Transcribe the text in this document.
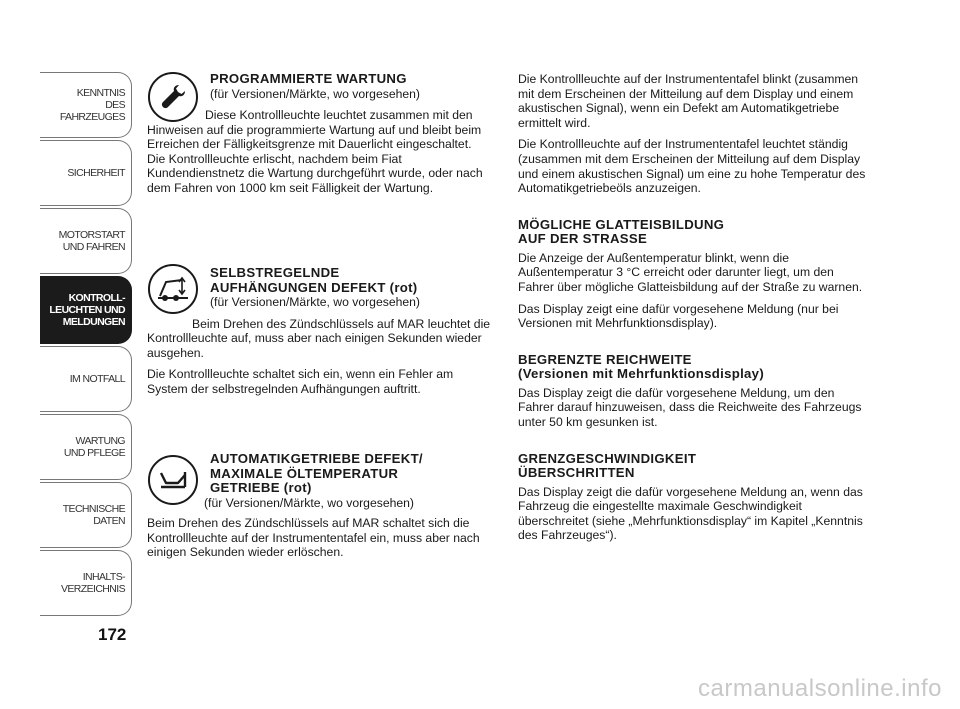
KENNTNIS
DES FAHRZEUGES
SICHERHEIT
MOTORSTART
UND FAHREN
KONTROLL-
LEUCHTEN UND
MELDUNGEN
IM NOTFALL
WARTUNG
UND PFLEGE
TECHNISCHE
DATEN
INHALTS-
VERZEICHNIS
172

PROGRAMMIERTE WARTUNG

(für Versionen/Märkte, wo vorgesehen)

Diese Kontrollleuchte leuchtet zusammen mit den Hinweisen auf die programmierte Wartung auf und bleibt beim Erreichen der Fälligkeitsgrenze mit Dauerlicht eingeschaltet. Die Kontrollleuchte erlischt, nachdem beim Fiat Kundendienstnetz die Wartung durchgeführt wurde, oder nach dem Fahren von 1000 km seit Fälligkeit der Wartung.

SELBSTREGELNDE

AUFHÄNGUNGEN DEFEKT (rot)

(für Versionen/Märkte, wo vorgesehen)

Beim Drehen des Zündschlüssels auf MAR leuchtet die Kontrollleuchte auf, muss aber nach einigen Sekunden wieder ausgehen.

Die Kontrollleuchte schaltet sich ein, wenn ein Fehler am System der selbstregelnden Aufhängungen auftritt.

AUTOMATIKGETRIEBE DEFEKT/

MAXIMALE ÖLTEMPERATUR

GETRIEBE (rot)

(für Versionen/Märkte, wo vorgesehen)

Beim Drehen des Zündschlüssels auf MAR schaltet sich die Kontrollleuchte auf der Instrumententafel ein, muss aber nach einigen Sekunden wieder erlöschen.

Die Kontrollleuchte auf der Instrumententafel blinkt (zusammen mit dem Erscheinen der Mitteilung auf dem Display und einem akustischen Signal), wenn ein Defekt am Automatikgetriebe ermittelt wird.

Die Kontrollleuchte auf der Instrumententafel leuchtet ständig (zusammen mit dem Erscheinen der Mitteilung auf dem Display und einem akustischen Signal) um eine zu hohe Temperatur des Automatikgetriebeöls anzuzeigen.

MÖGLICHE GLATTEISBILDUNG

AUF DER STRASSE

Die Anzeige der Außentemperatur blinkt, wenn die Außentemperatur 3 °C erreicht oder darunter liegt, um den Fahrer über mögliche Glatteisbildung auf der Straße zu warnen.

Das Display zeigt eine dafür vorgesehene Meldung (nur bei Versionen mit Mehrfunktionsdisplay).

BEGRENZTE REICHWEITE

(Versionen mit Mehrfunktionsdisplay)

Das Display zeigt die dafür vorgesehene Meldung, um den Fahrer darauf hinzuweisen, dass die Reichweite des Fahrzeugs unter 50 km gesunken ist.

GRENZGESCHWINDIGKEIT

ÜBERSCHRITTEN

Das Display zeigt die dafür vorgesehene Meldung an, wenn das Fahrzeug die eingestellte maximale Geschwindigkeit überschreitet (siehe „Mehrfunktionsdisplay“ im Kapitel „Kenntnis des Fahrzeuges“).

carmanualsonline.info
